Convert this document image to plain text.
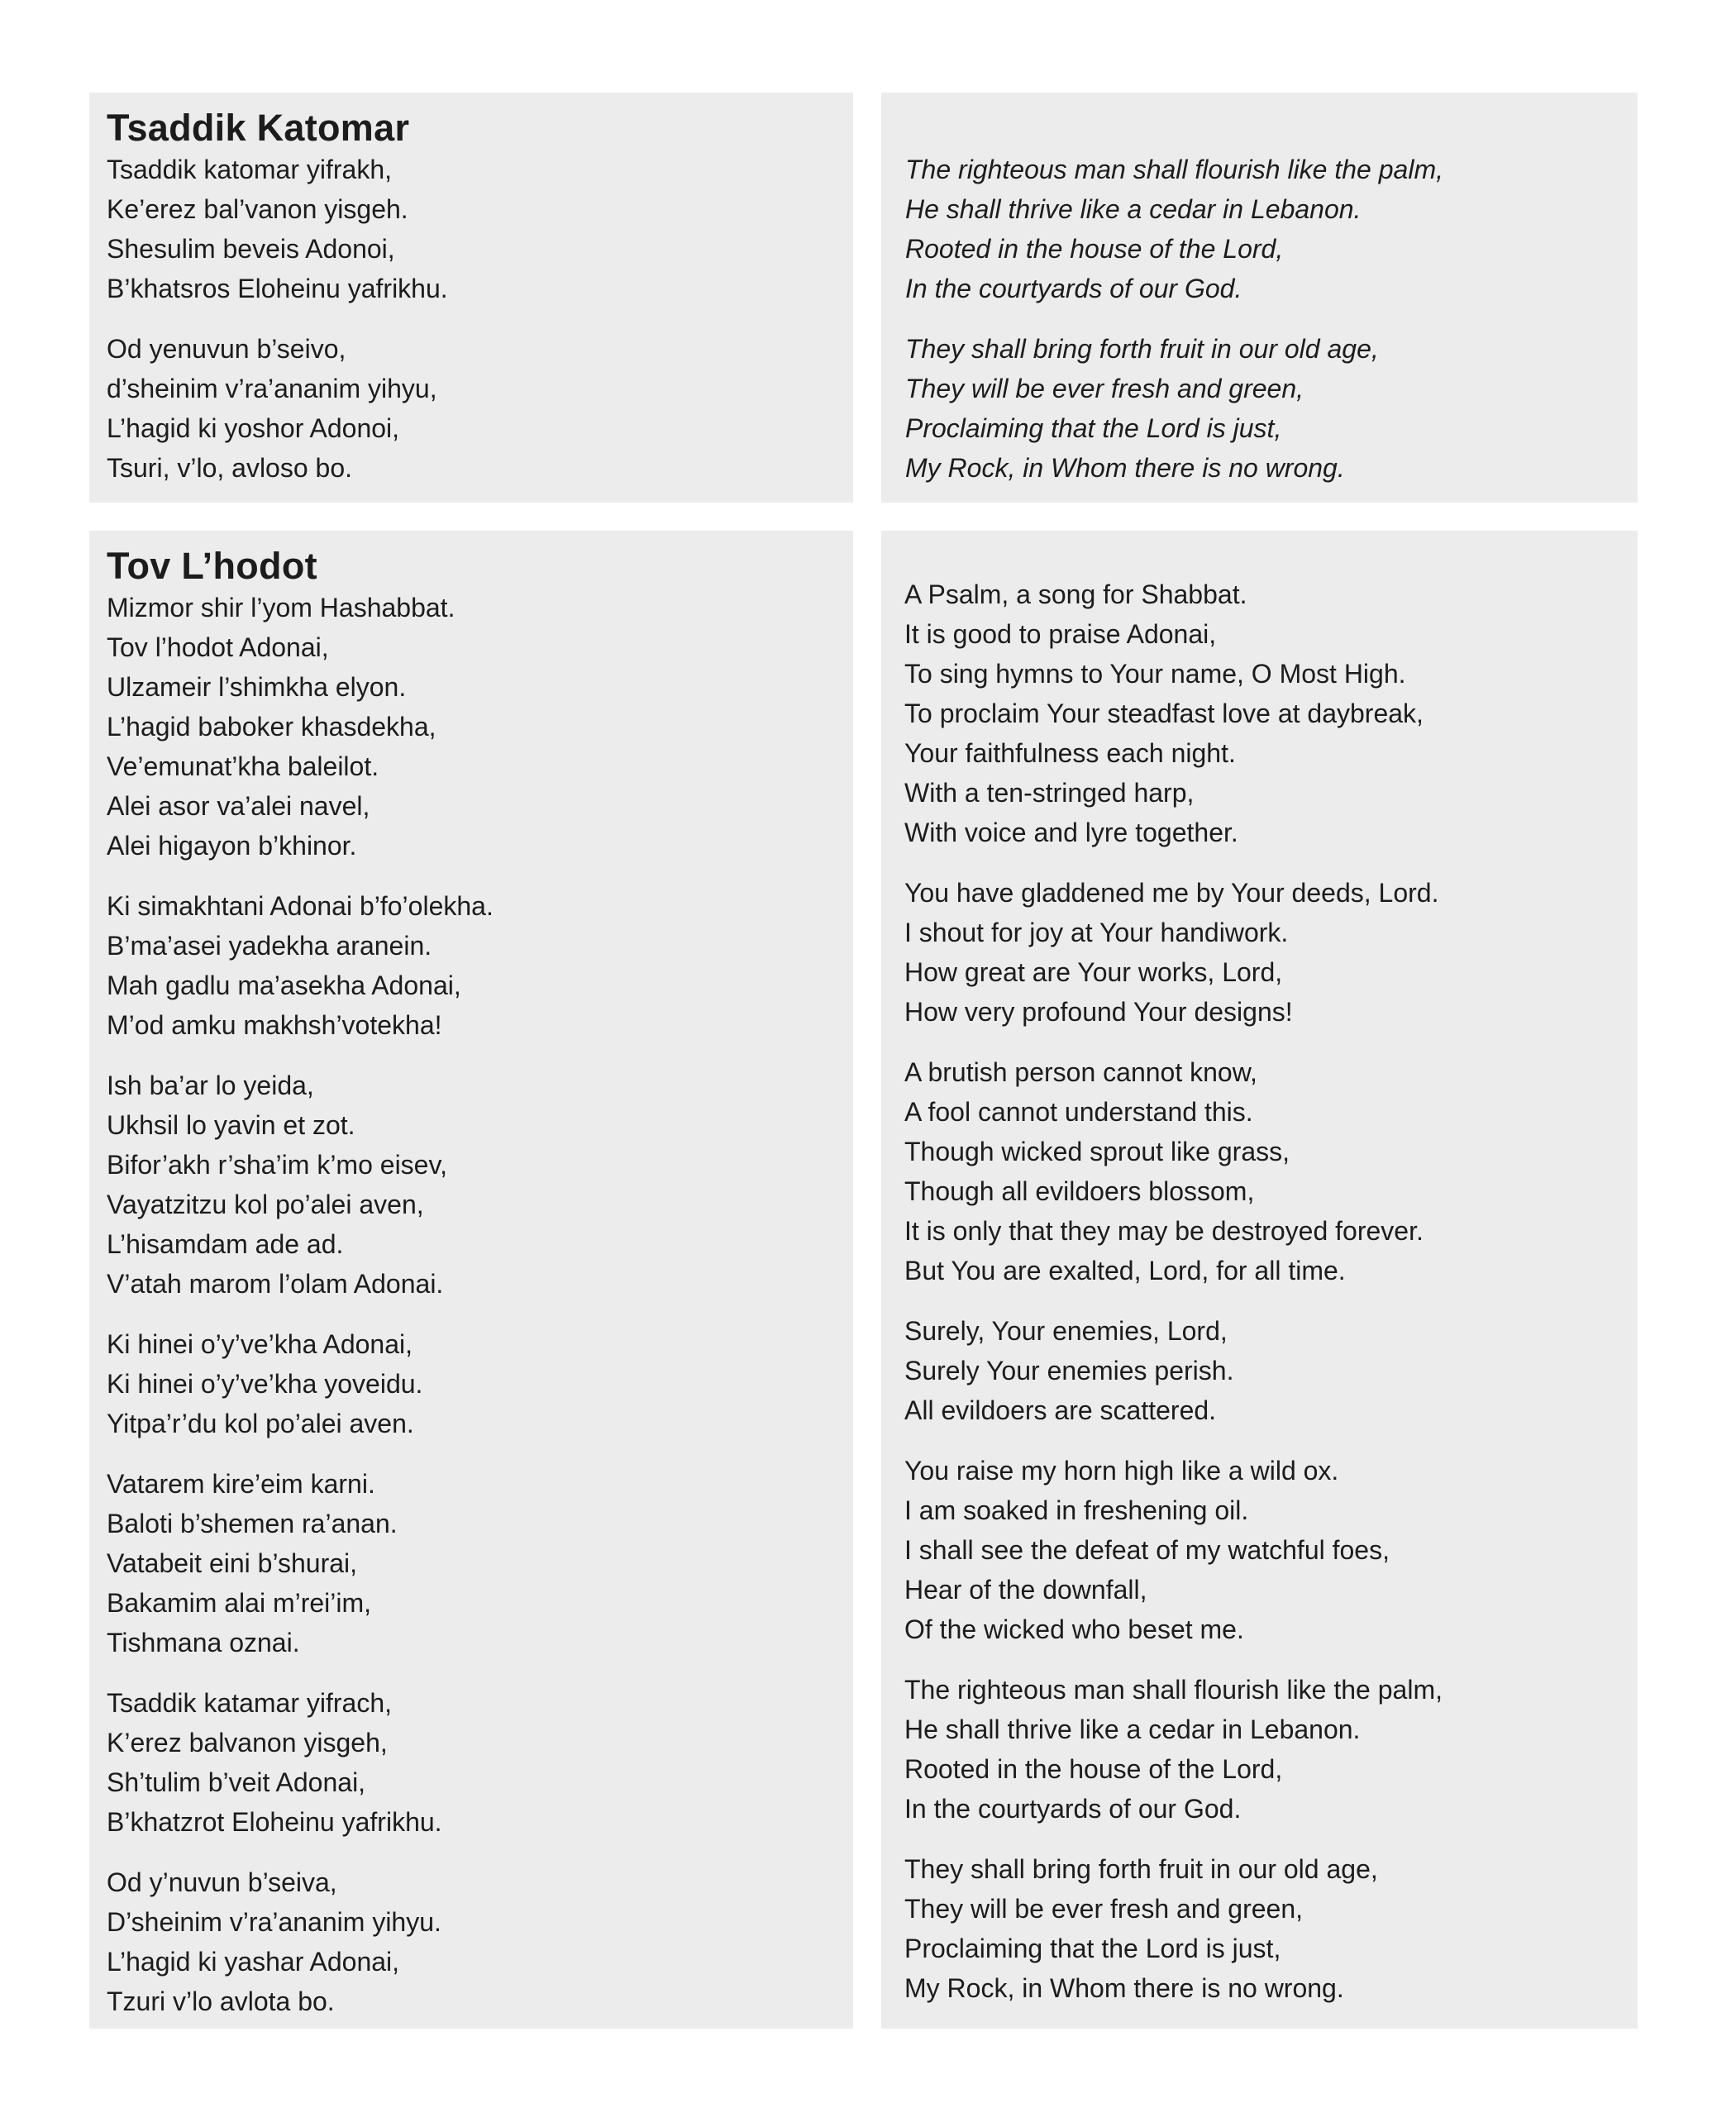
Tsaddik Katomar
Tsaddik katomar yifrakh,
Ke’erez bal’vanon yisgeh.
Shesulim beveis Adonoi,
B’khatsros Eloheinu yafrikhu.
Od yenuvun b’seivo,
d’sheinim v’ra’ananim yihyu,
L’hagid ki yoshor Adonoi,
Tsuri, v’lo, avloso bo.
The righteous man shall flourish like the palm,
He shall thrive like a cedar in Lebanon.
Rooted in the house of the Lord,
In the courtyards of our God.
They shall bring forth fruit in our old age,
They will be ever fresh and green,
Proclaiming that the Lord is just,
My Rock, in Whom there is no wrong.
Tov L’hodot
Mizmor shir l’yom Hashabbat.
Tov l’hodot Adonai,
Ulzameir l’shimkha elyon.
L’hagid baboker khasdekha,
Ve’emunat’kha baleilot.
Alei asor va’alei navel,
Alei higayon b’khinor.
Ki simakhtani Adonai b’fo’olekha.
B’ma’asei yadekha aranein.
Mah gadlu ma’asekha Adonai,
M’od amku makhsh’votekha!
Ish ba’ar lo yeida,
Ukhsil lo yavin et zot.
Bifor’akh r’sha’im k’mo eisev,
Vayatzitzu kol po’alei aven,
L’hisamdam ade ad.
V’atah marom l’olam Adonai.
Ki hinei o’y’ve’kha Adonai,
Ki hinei o’y’ve’kha yoveidu.
Yitpa’r’du kol po’alei aven.
Vatarem kire’eim karni.
Baloti b’shemen ra’anan.
Vatabeit eini b’shurai,
Bakamim alai m’rei’im,
Tishmana oznai.
Tsaddik katamar yifrach,
K’erez balvanon yisgeh,
Sh’tulim b’veit Adonai,
B’khatzrot Eloheinu yafrikhu.
Od y’nuvun b’seiva,
D’sheinim v’ra’ananim yihyu.
L’hagid ki yashar Adonai,
Tzuri v’lo avlota bo.
A Psalm, a song for Shabbat.
It is good to praise Adonai,
To sing hymns to Your name, O Most High.
To proclaim Your steadfast love at daybreak,
Your faithfulness each night.
With a ten-stringed harp,
With voice and lyre together.
You have gladdened me by Your deeds, Lord.
I shout for joy at Your handiwork.
How great are Your works, Lord,
How very profound Your designs!
A brutish person cannot know,
A fool cannot understand this.
Though wicked sprout like grass,
Though all evildoers blossom,
It is only that they may be destroyed forever.
But You are exalted, Lord, for all time.
Surely, Your enemies, Lord,
Surely Your enemies perish.
All evildoers are scattered.
You raise my horn high like a wild ox.
I am soaked in freshening oil.
I shall see the defeat of my watchful foes,
Hear of the downfall,
Of the wicked who beset me.
The righteous man shall flourish like the palm,
He shall thrive like a cedar in Lebanon.
Rooted in the house of the Lord,
In the courtyards of our God.
They shall bring forth fruit in our old age,
They will be ever fresh and green,
Proclaiming that the Lord is just,
My Rock, in Whom there is no wrong.
